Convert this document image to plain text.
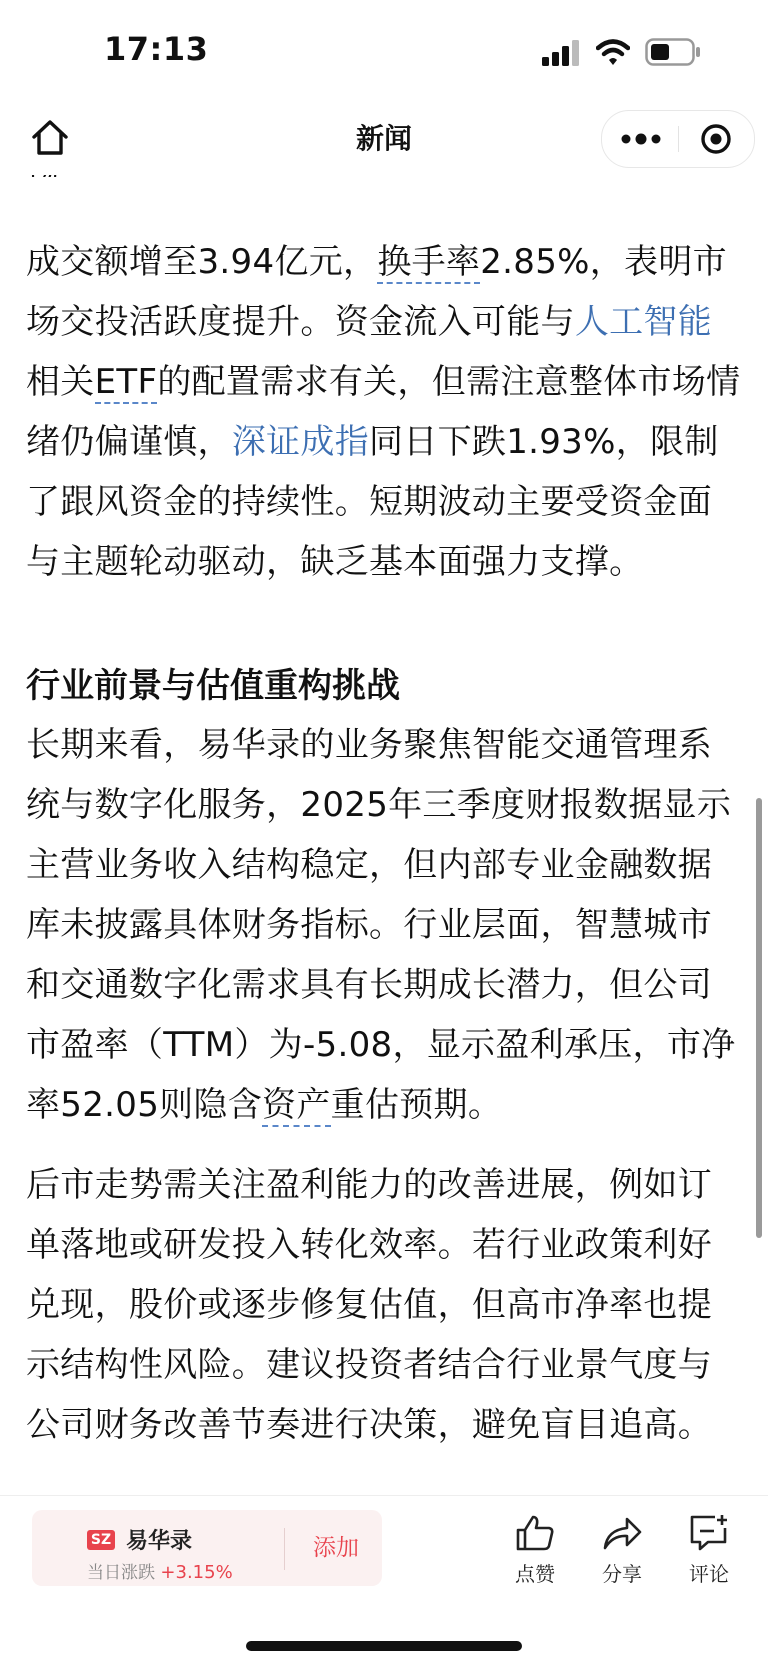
17:13
新闻

成交额增至3.94亿元，换手率2.85%，表明市场交投活跃度提升。资金流入可能与人工智能相关ETF的配置需求有关，但需注意整体市场情绪仍偏谨慎，深证成指同日下跌1.93%，限制了跟风资金的持续性。短期波动主要受资金面与主题轮动驱动，缺乏基本面强力支撑。

行业前景与估值重构挑战

长期来看，易华录的业务聚焦智能交通管理系统与数字化服务，2025年三季度财报数据显示主营业务收入结构稳定，但内部专业金融数据库未披露具体财务指标。行业层面，智慧城市和交通数字化需求具有长期成长潜力，但公司市盈率（TTM）为-5.08，显示盈利承压，市净率52.05则隐含资产重估预期。

后市走势需关注盈利能力的改善进展，例如订单落地或研发投入转化效率。若行业政策利好兑现，股价或逐步修复估值，但高市净率也提示结构性风险。建议投资者结合行业景气度与公司财务改善节奏进行决策，避免盲目追高。

SZ 易华录
当日涨跌 +3.15%
添加
点赞	分享	评论
